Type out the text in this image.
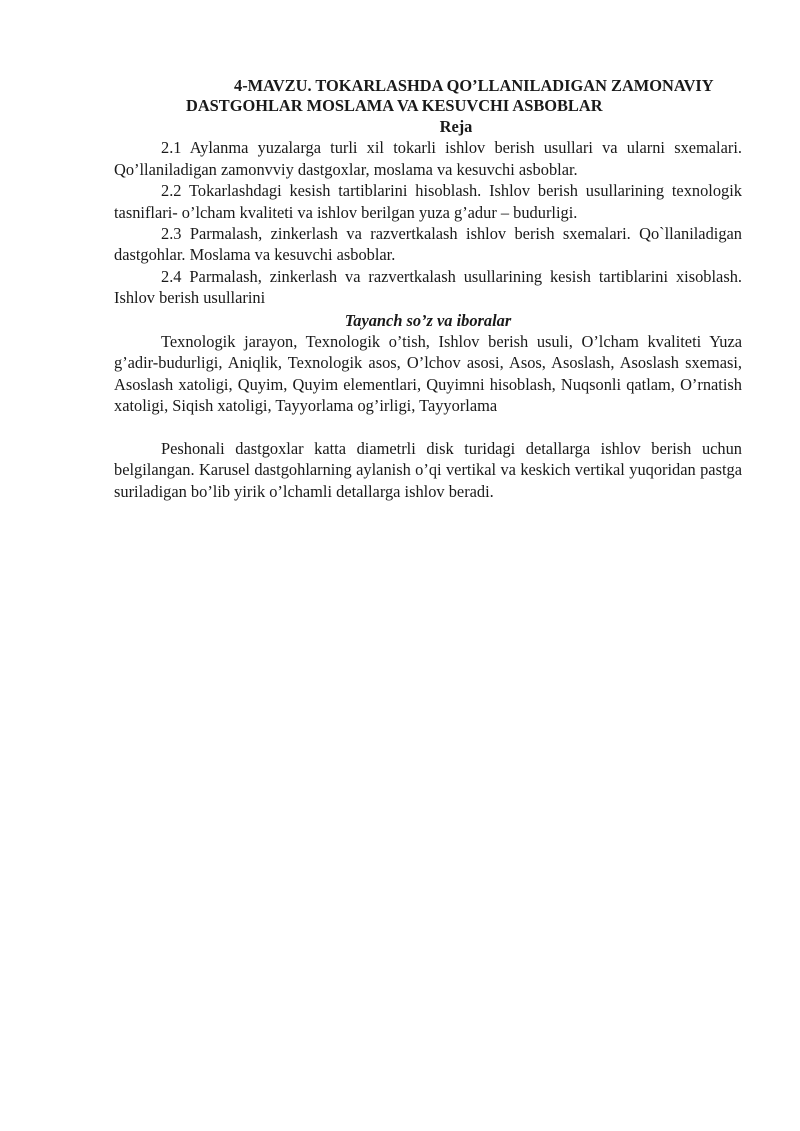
4-MAVZU. TOKARLASHDA QO’LLANILADIGAN ZAMONAVIY
DASTGOHLAR MOSLAMA VA KESUVCHI ASBOBLAR
Reja

2.1 Aylanma yuzalarga turli xil tokarli ishlov berish usullari va ularni sxemalari. Qo’llaniladigan zamonvviy dastgoxlar, moslama va kesuvchi asboblar.

2.2 Tokarlashdagi kesish tartiblarini hisoblash. Ishlov berish usullarining texnologik tasniflari- o’lcham kvaliteti va ishlov berilgan yuza g’adur – budurligi.

2.3 Parmalash, zinkerlash va razvertkalash ishlov berish sxemalari. Qo`llaniladigan dastgohlar. Moslama va kesuvchi asboblar.

2.4 Parmalash, zinkerlash va razvertkalash usullarining kesish tartiblarini xisoblash. Ishlov berish usullarini

Tayanch so’z va iboralar

Texnologik jarayon, Texnologik o’tish, Ishlov berish usuli, O’lcham kvaliteti Yuza g’adir-budurligi, Aniqlik, Texnologik asos, O’lchov asosi, Asos, Asoslash, Asoslash sxemasi, Asoslash xatoligi, Quyim, Quyim elementlari, Quyimni hisoblash, Nuqsonli qatlam, O’rnatish xatoligi, Siqish xatoligi, Tayyorlama og’irligi, Tayyorlama

Peshonali dastgoxlar katta diametrli disk turidagi detallarga ishlov berish uchun belgilangan. Karusel dastgohlarning aylanish o’qi vertikal va keskich vertikal yuqoridan pastga suriladigan bo’lib yirik o’lchamli detallarga ishlov beradi.
